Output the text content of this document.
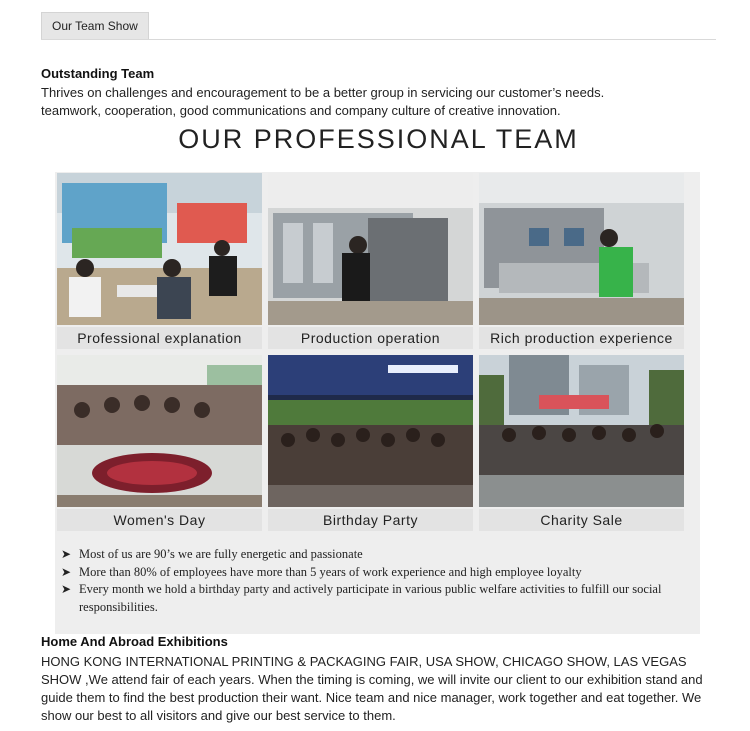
Our Team Show
Outstanding Team
Thrives on challenges and encouragement to be a better group in servicing our customer’s needs.
teamwork, cooperation, good communications and company culture of creative innovation.
OUR PROFESSIONAL TEAM
Professional explanation	Production operation	Rich production experience
Women's Day	Birthday Party	Charity Sale
➤ Most of us are 90’s we are fully energetic and passionate
➤ More than 80% of employees have more than 5 years of work experience and high employee loyalty
➤ Every month we hold a birthday party and actively participate in various public welfare activities to fulfill our social responsibilities.
Home And Abroad Exhibitions
HONG KONG INTERNATIONAL PRINTING & PACKAGING FAIR, USA SHOW, CHICAGO SHOW, LAS VEGAS SHOW ,We attend fair of each years. When the timing is coming, we will invite our client to our exhibition stand and guide them to find the best production their want. Nice team and nice manager, work together and eat together. We show our best to all visitors and give our best service to them.
